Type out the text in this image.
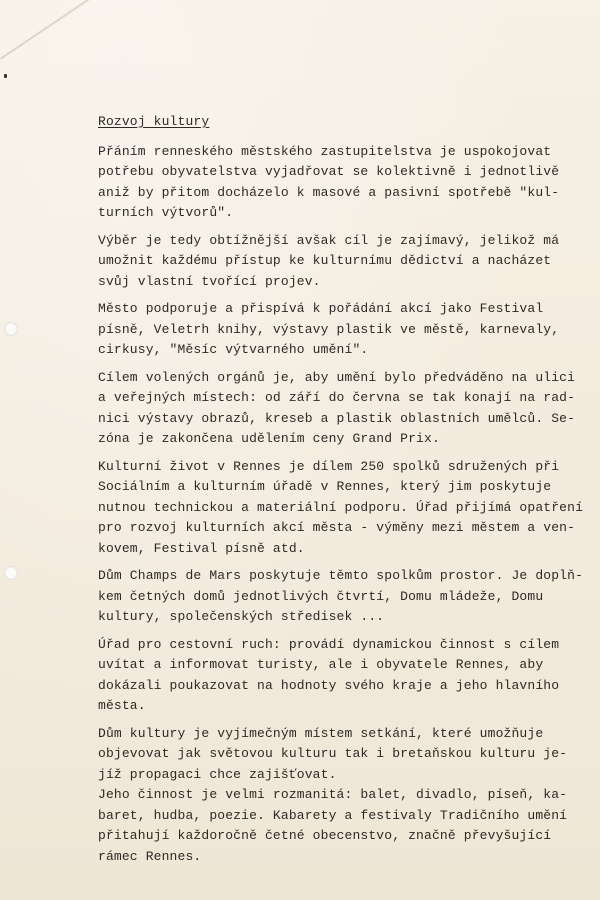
Rozvoj kultury
Přáním rennеského městského zastupitelstva je uspokojovat
potřebu obyvatelstva vyjadřovat se kolektivně i jednotlivě
aniž by přitom docházelo k masové a pasivní spotřebě "kul-
turních výtvorů".
Výběr je tedy obtížnější avšak cíl je zajímavý, jelikož má
umožnit každému přístup ke kulturnímu dědictví a nacházet
svůj vlastní tvořící projev.
Město podporuje a přispívá k pořádání akcí jako Festival
písně, Veletrh knihy, výstavy plastik ve městě, karnevaly,
cirkusy, "Měsíc výtvarného umění".
Cílem volených orgánů je, aby umění bylo předváděno na ulici
a veřejných místech: od září do června se tak konají na rad-
nici výstavy obrazů, kreseb a plastik oblastních umělců. Se-
zóna je zakončena udělením ceny Grand Prix.
Kulturní život v Rennes je dílem 250 spolků sdružených při
Sociálním a kulturním úřadě v Rennes, který jim poskytuje
nutnou technickou a materiální podporu. Úřad přijímá opatření
pro rozvoj kulturních akcí města - výměny mezi městem a ven-
kovem, Festival písně atd.
Dům Champs de Mars poskytuje těmto spolkům prostor. Je doplň-
kem četných domů jednotlivých čtvrtí, Domu mládeže, Domu
kultury, společenských středisek ...
Úřad pro cestovní ruch: provádí dynamickou činnost s cílem
uvítat a informovat turisty, ale i obyvatele Rennes, aby
dokázali poukazovat na hodnoty svého kraje a jeho hlavního
města.
Dům kultury je vyjímečným místem setkání, které umožňuje
objevovat jak světovou kulturu tak i bretaňskou kulturu je-
jíž propagaci chce zajišťovat.
Jeho činnost je velmi rozmanitá: balet, divadlo, píseň, ka-
baret, hudba, poezie. Kabarety a festivaly Tradičního umění
přitahují každoročně četné obecenstvo, značně převyšující
rámec Rennes.
